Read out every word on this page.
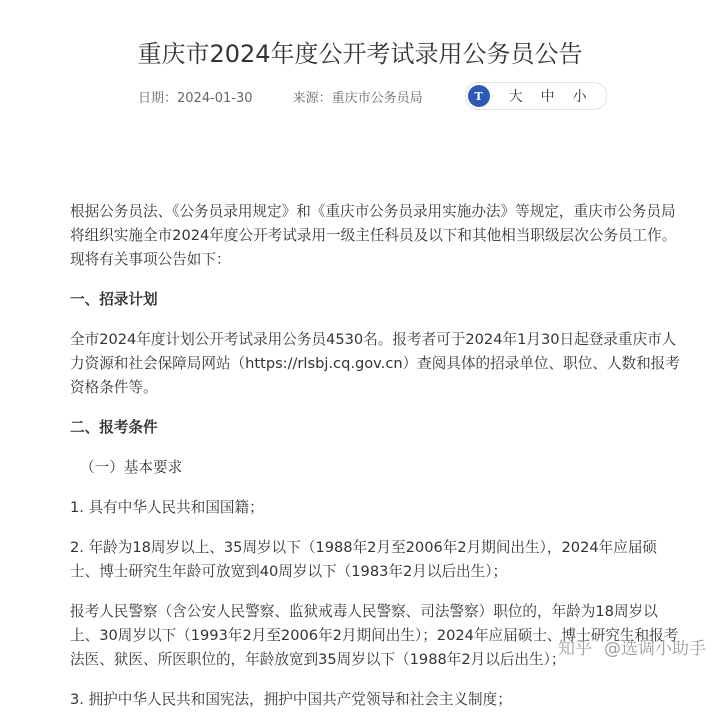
重庆市2024年度公开考试录用公务员公告
日期：2024-01-30	来源：重庆市公务员局	T	大 中 小

根据公务员法、《公务员录用规定》和《重庆市公务员录用实施办法》等规定，重庆市公务员局将组织实施全市2024年度公开考试录用一级主任科员及以下和其他相当职级层次公务员工作。现将有关事项公告如下：

一、招录计划

全市2024年度计划公开考试录用公务员4530名。报考者可于2024年1月30日起登录重庆市人力资源和社会保障局网站（https://rlsbj.cq.gov.cn）查阅具体的招录单位、职位、人数和报考资格条件等。

二、报考条件

（一）基本要求

1. 具有中华人民共和国国籍；

2. 年龄为18周岁以上、35周岁以下（1988年2月至2006年2月期间出生），2024年应届硕士、博士研究生年龄可放宽到40周岁以下（1983年2月以后出生）；

报考人民警察（含公安人民警察、监狱戒毒人民警察、司法警察）职位的，年龄为18周岁以上、30周岁以下（1993年2月至2006年2月期间出生）；2024年应届硕士、博士研究生和报考法医、狱医、所医职位的，年龄放宽到35周岁以下（1988年2月以后出生）；

3. 拥护中华人民共和国宪法，拥护中国共产党领导和社会主义制度；

知乎 @选调小助手
